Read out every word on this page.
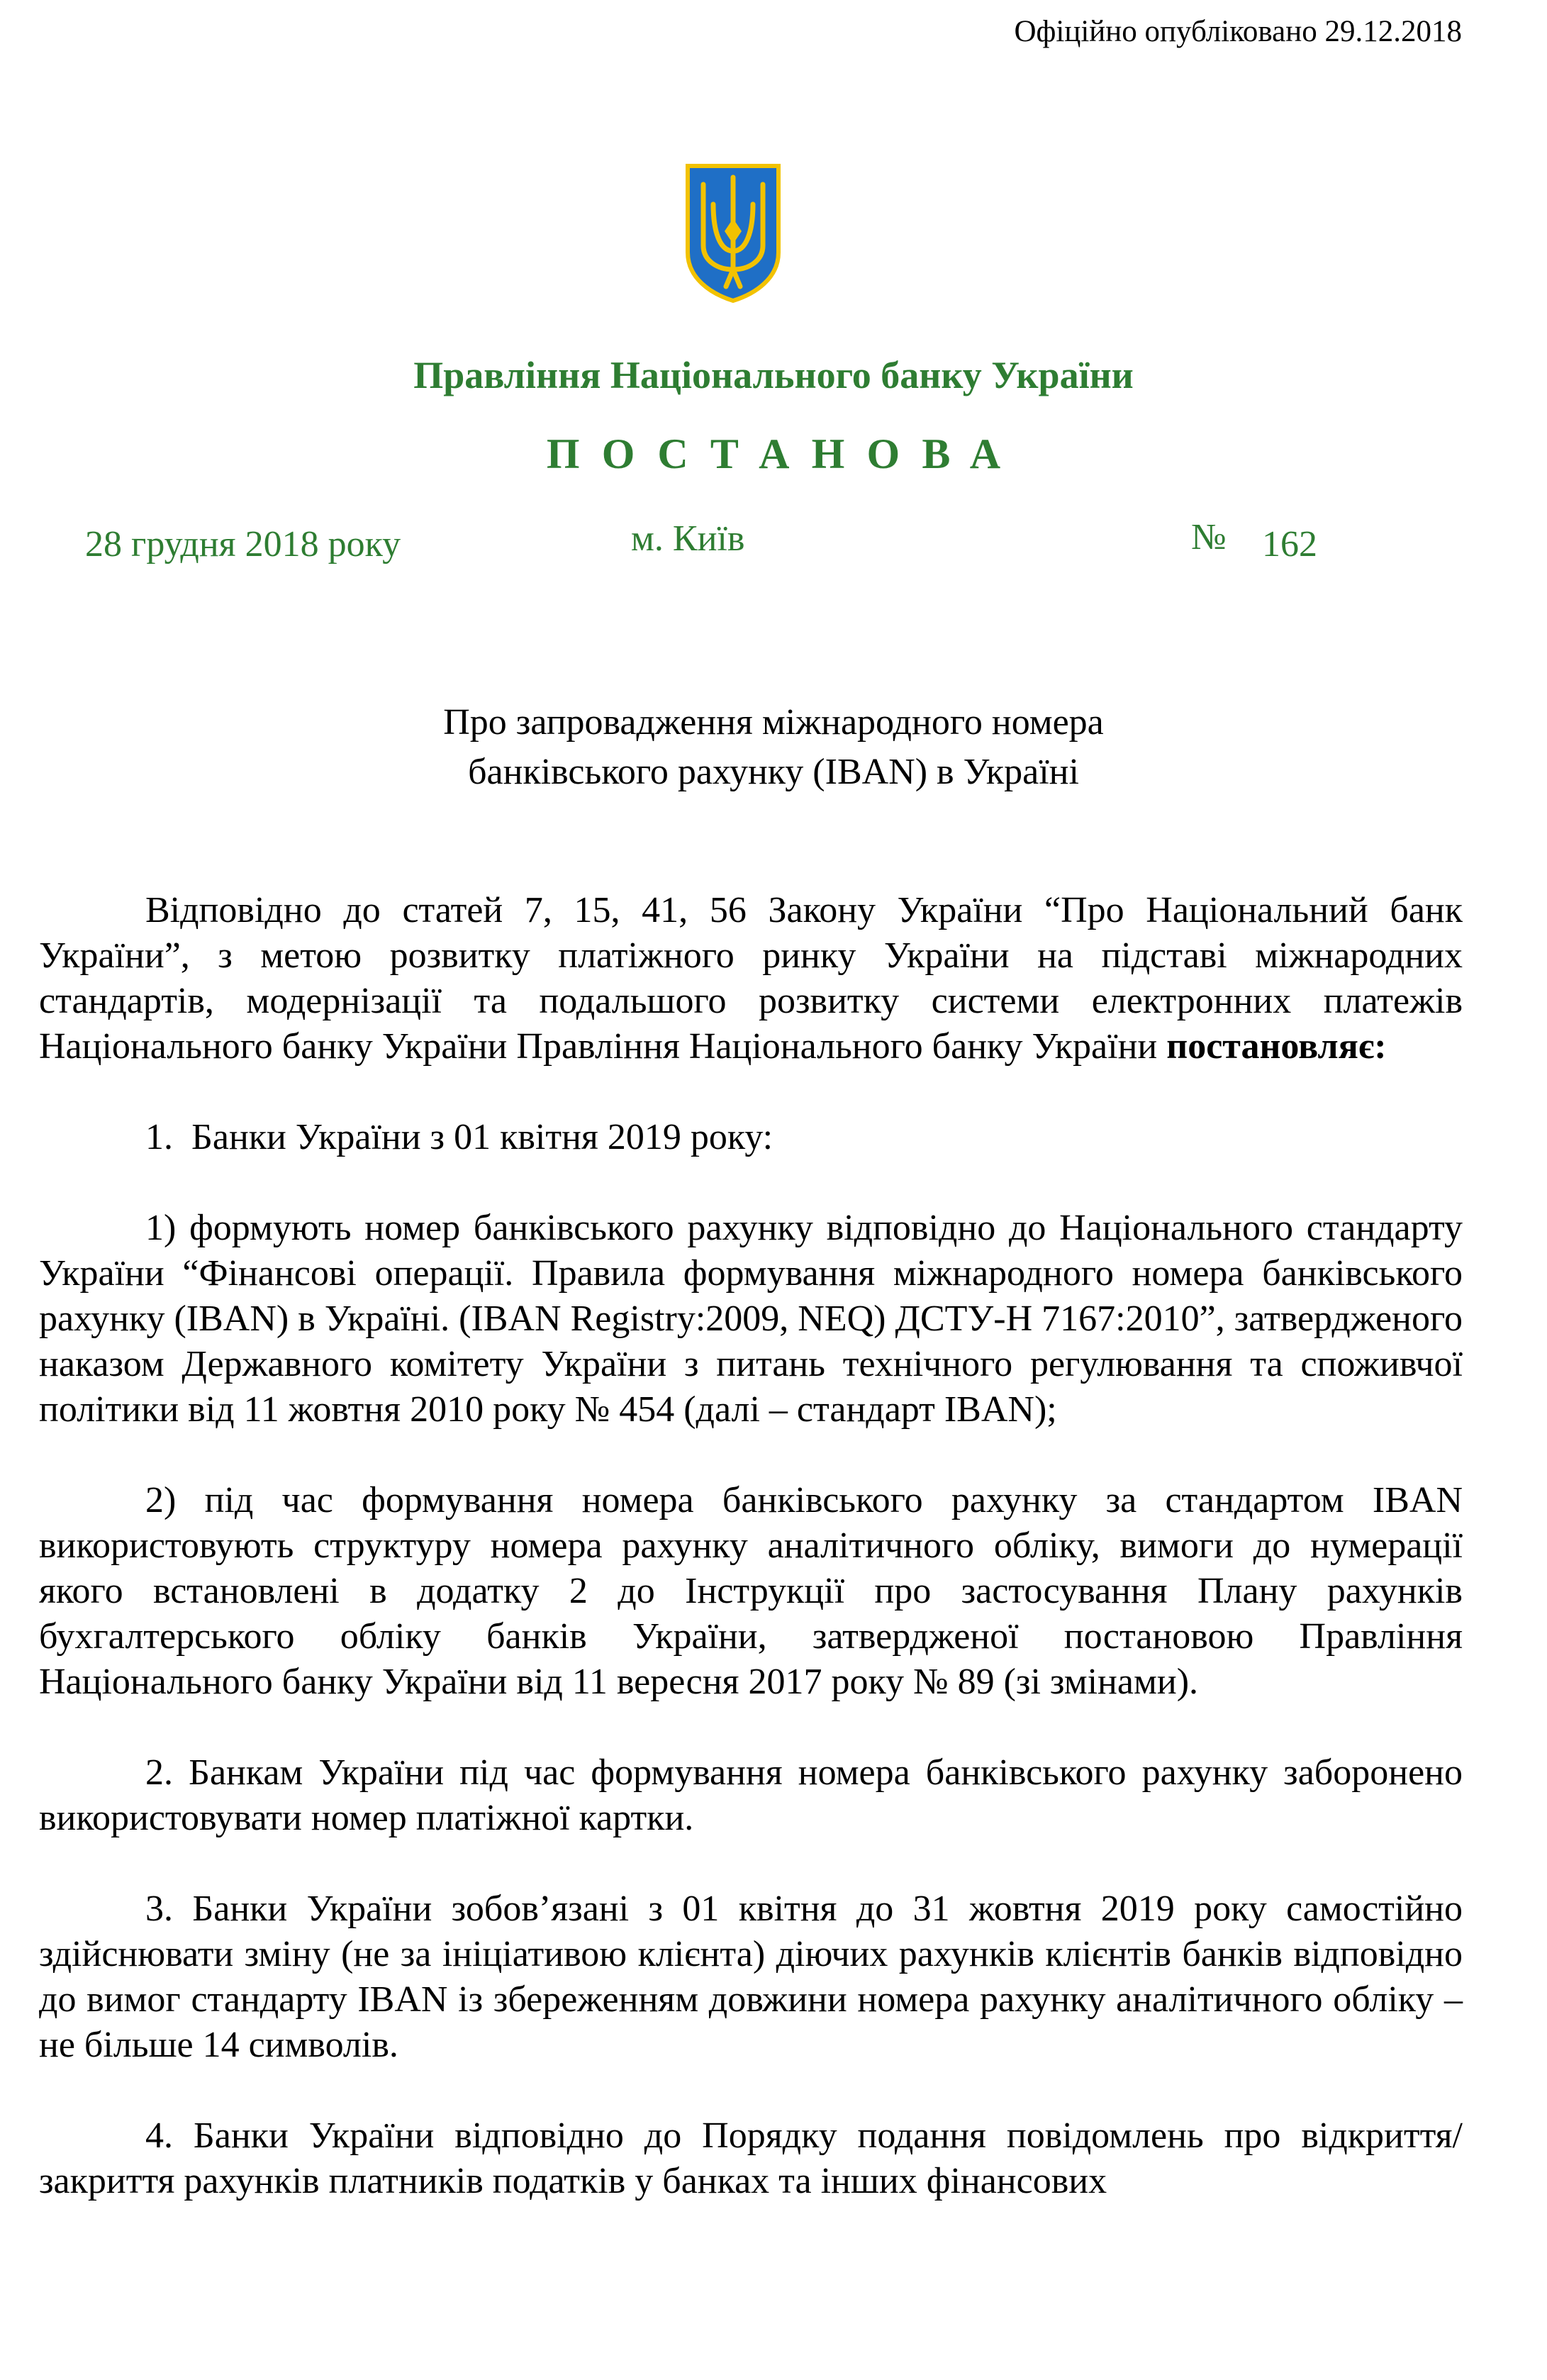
Офіційно опубліковано 29.12.2018
Правління Національного банку України
ПОСТАНОВА
28 грудня 2018 року	м. Київ	№ 162
Про запровадження міжнародного номера
банківського рахунку (IBAN) в Україні

Відповідно до статей 7, 15, 41, 56 Закону України “Про Національний банк України”, з метою розвитку платіжного ринку України на підставі міжнародних стандартів, модернізації та подальшого розвитку системи електронних платежів Національного банку України Правління Національного банку України постановляє:

1.  Банки України з 01 квітня 2019 року:

1) формують номер банківського рахунку відповідно до Національного стандарту України “Фінансові операції. Правила формування міжнародного номера банківського рахунку (IBAN) в Україні. (IBAN Registry:2009, NEQ) ДСТУ-Н 7167:2010”, затвердженого наказом Державного комітету України з питань технічного регулювання та споживчої політики від 11 жовтня 2010 року № 454 (далі – стандарт IBAN);

2) під час формування номера банківського рахунку за стандартом IBAN використовують структуру номера рахунку аналітичного обліку, вимоги до нумерації якого встановлені в додатку 2 до Інструкції про застосування Плану рахунків бухгалтерського обліку банків України, затвердженої постановою Правління Національного банку України від 11 вересня 2017 року № 89 (зі змінами).

2. Банкам України під час формування номера банківського рахунку заборонено використовувати номер платіжної картки.

3. Банки України зобов’язані з 01 квітня до 31 жовтня 2019 року самостійно здійснювати зміну (не за ініціативою клієнта) діючих рахунків клієнтів банків відповідно до вимог стандарту IBAN із збереженням довжини номера рахунку аналітичного обліку – не більше 14 символів.

4. Банки України відповідно до Порядку подання повідомлень про відкриття/закриття рахунків платників податків у банках та інших фінансових
